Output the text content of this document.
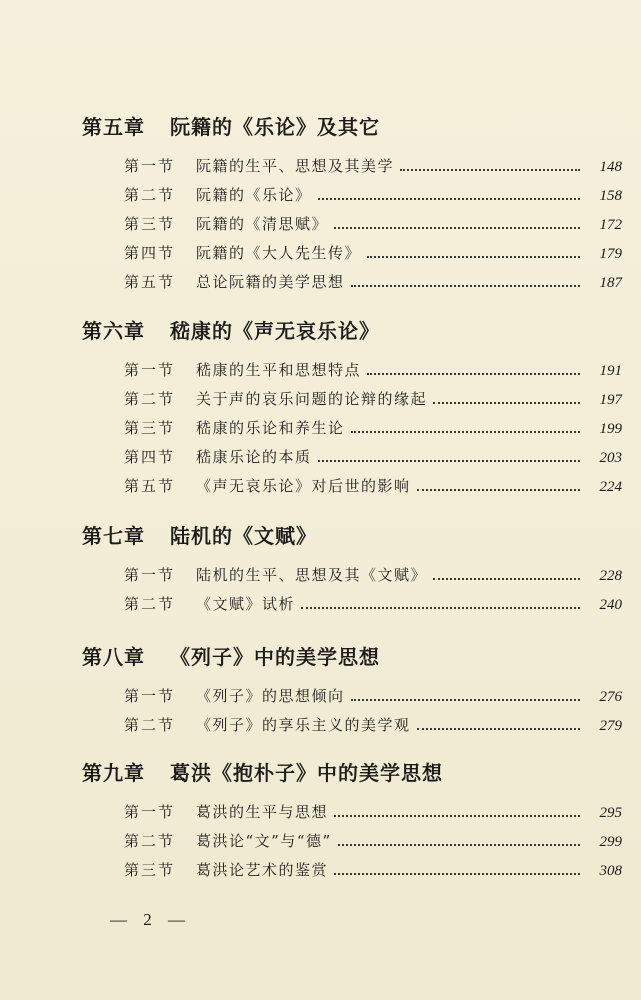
第五章 阮籍的《乐论》及其它
第一节	阮籍的生平、思想及其美学	148
第二节	阮籍的《乐论》	158
第三节	阮籍的《清思赋》	172
第四节	阮籍的《大人先生传》	179
第五节	总论阮籍的美学思想	187
第六章 嵇康的《声无哀乐论》
第一节	嵇康的生平和思想特点	191
第二节	关于声的哀乐问题的论辩的缘起	197
第三节	嵇康的乐论和养生论	199
第四节	嵇康乐论的本质	203
第五节	《声无哀乐论》对后世的影响	224
第七章 陆机的《文赋》
第一节	陆机的生平、思想及其《文赋》	228
第二节	《文赋》试析	240
第八章 《列子》中的美学思想
第一节	《列子》的思想倾向	276
第二节	《列子》的享乐主义的美学观	279
第九章 葛洪《抱朴子》中的美学思想
第一节	葛洪的生平与思想	295
第二节	葛洪论“文”与“德”	299
第三节	葛洪论艺术的鉴赏	308
— 2 —
